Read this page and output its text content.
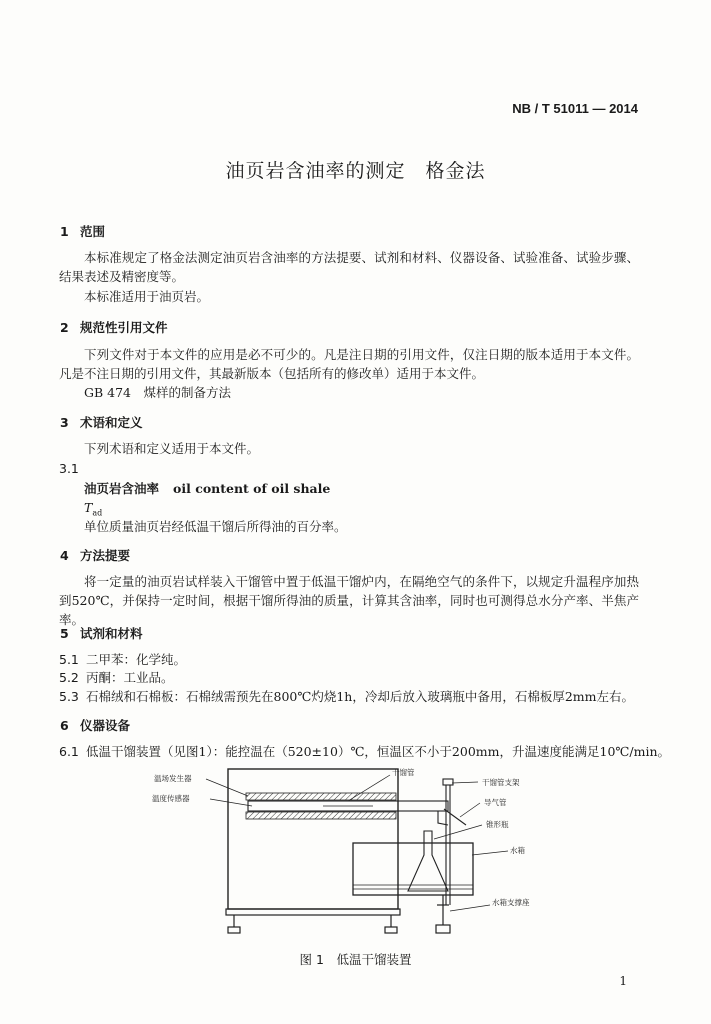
NB / T 51011 — 2014
油页岩含油率的测定　格金法
1 范围
本标准规定了格金法测定油页岩含油率的方法提要、试剂和材料、仪器设备、试验准备、试验步骤、结果表述及精密度等。
本标准适用于油页岩。
2 规范性引用文件
下列文件对于本文件的应用是必不可少的。凡是注日期的引用文件，仅注日期的版本适用于本文件。凡是不注日期的引用文件，其最新版本（包括所有的修改单）适用于本文件。
GB 474　煤样的制备方法
3 术语和定义
下列术语和定义适用于本文件。
3.1
油页岩含油率 oil content of oil shale
$T_{ad}$
单位质量油页岩经低温干馏后所得油的百分率。
4 方法提要
将一定量的油页岩试样装入干馏管中置于低温干馏炉内，在隔绝空气的条件下，以规定升温程序加热到520℃，并保持一定时间，根据干馏所得油的质量，计算其含油率，同时也可测得总水分产率、半焦产率。
5 试剂和材料
5.1 二甲苯：化学纯。
5.2 丙酮：工业品。
5.3 石棉绒和石棉板：石棉绒需预先在800℃灼烧1h，冷却后放入玻璃瓶中备用，石棉板厚2mm左右。
6 仪器设备
6.1 低温干馏装置（见图1）：能控温在（520±10）℃，恒温区不小于200mm，升温速度能满足10℃/min。
温场发生器
温度传感器
干馏管
干馏管支架
导气管
锥形瓶
水箱
水箱支撑座
图 1　低温干馏装置
1
